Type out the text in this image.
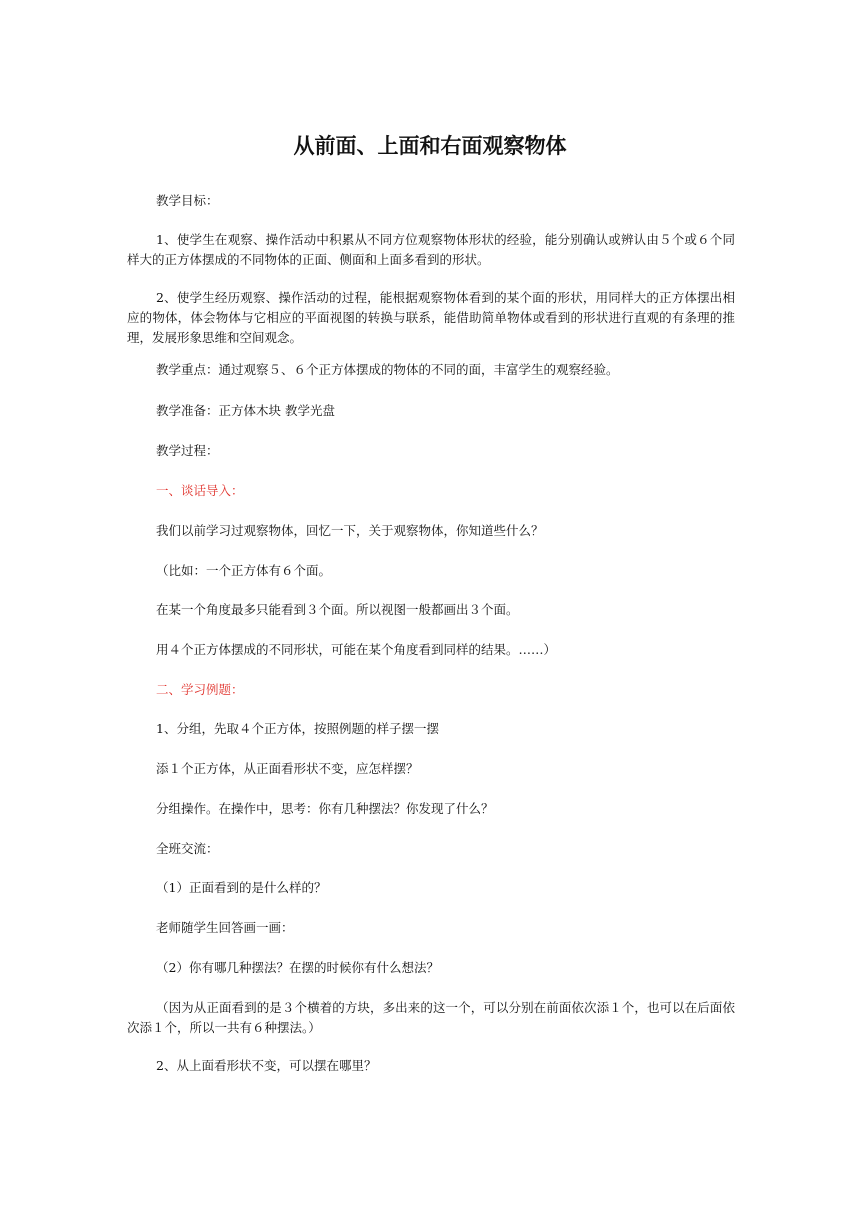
从前面、上面和右面观察物体

教学目标：

1、使学生在观察、操作活动中积累从不同方位观察物体形状的经验，能分别确认或辨认由５个或６个同样大的正方体摆成的不同物体的正面、侧面和上面多看到的形状。

2、使学生经历观察、操作活动的过程，能根据观察物体看到的某个面的形状，用同样大的正方体摆出相应的物体，体会物体与它相应的平面视图的转换与联系，能借助简单物体或看到的形状进行直观的有条理的推理，发展形象思维和空间观念。

教学重点：通过观察５、６个正方体摆成的物体的不同的面，丰富学生的观察经验。

教学准备：正方体木块 教学光盘

教学过程：

一、谈话导入：

我们以前学习过观察物体，回忆一下，关于观察物体，你知道些什么？

（比如：一个正方体有６个面。

在某一个角度最多只能看到３个面。所以视图一般都画出３个面。

用４个正方体摆成的不同形状，可能在某个角度看到同样的结果。……）

二、学习例题：

1、分组，先取４个正方体，按照例题的样子摆一摆

添１个正方体，从正面看形状不变，应怎样摆？

分组操作。在操作中，思考：你有几种摆法？你发现了什么？

全班交流：

（1）正面看到的是什么样的？

老师随学生回答画一画：

（2）你有哪几种摆法？在摆的时候你有什么想法？

（因为从正面看到的是３个横着的方块，多出来的这一个，可以分别在前面依次添１个，也可以在后面依次添１个，所以一共有６种摆法。）

2、从上面看形状不变，可以摆在哪里？
